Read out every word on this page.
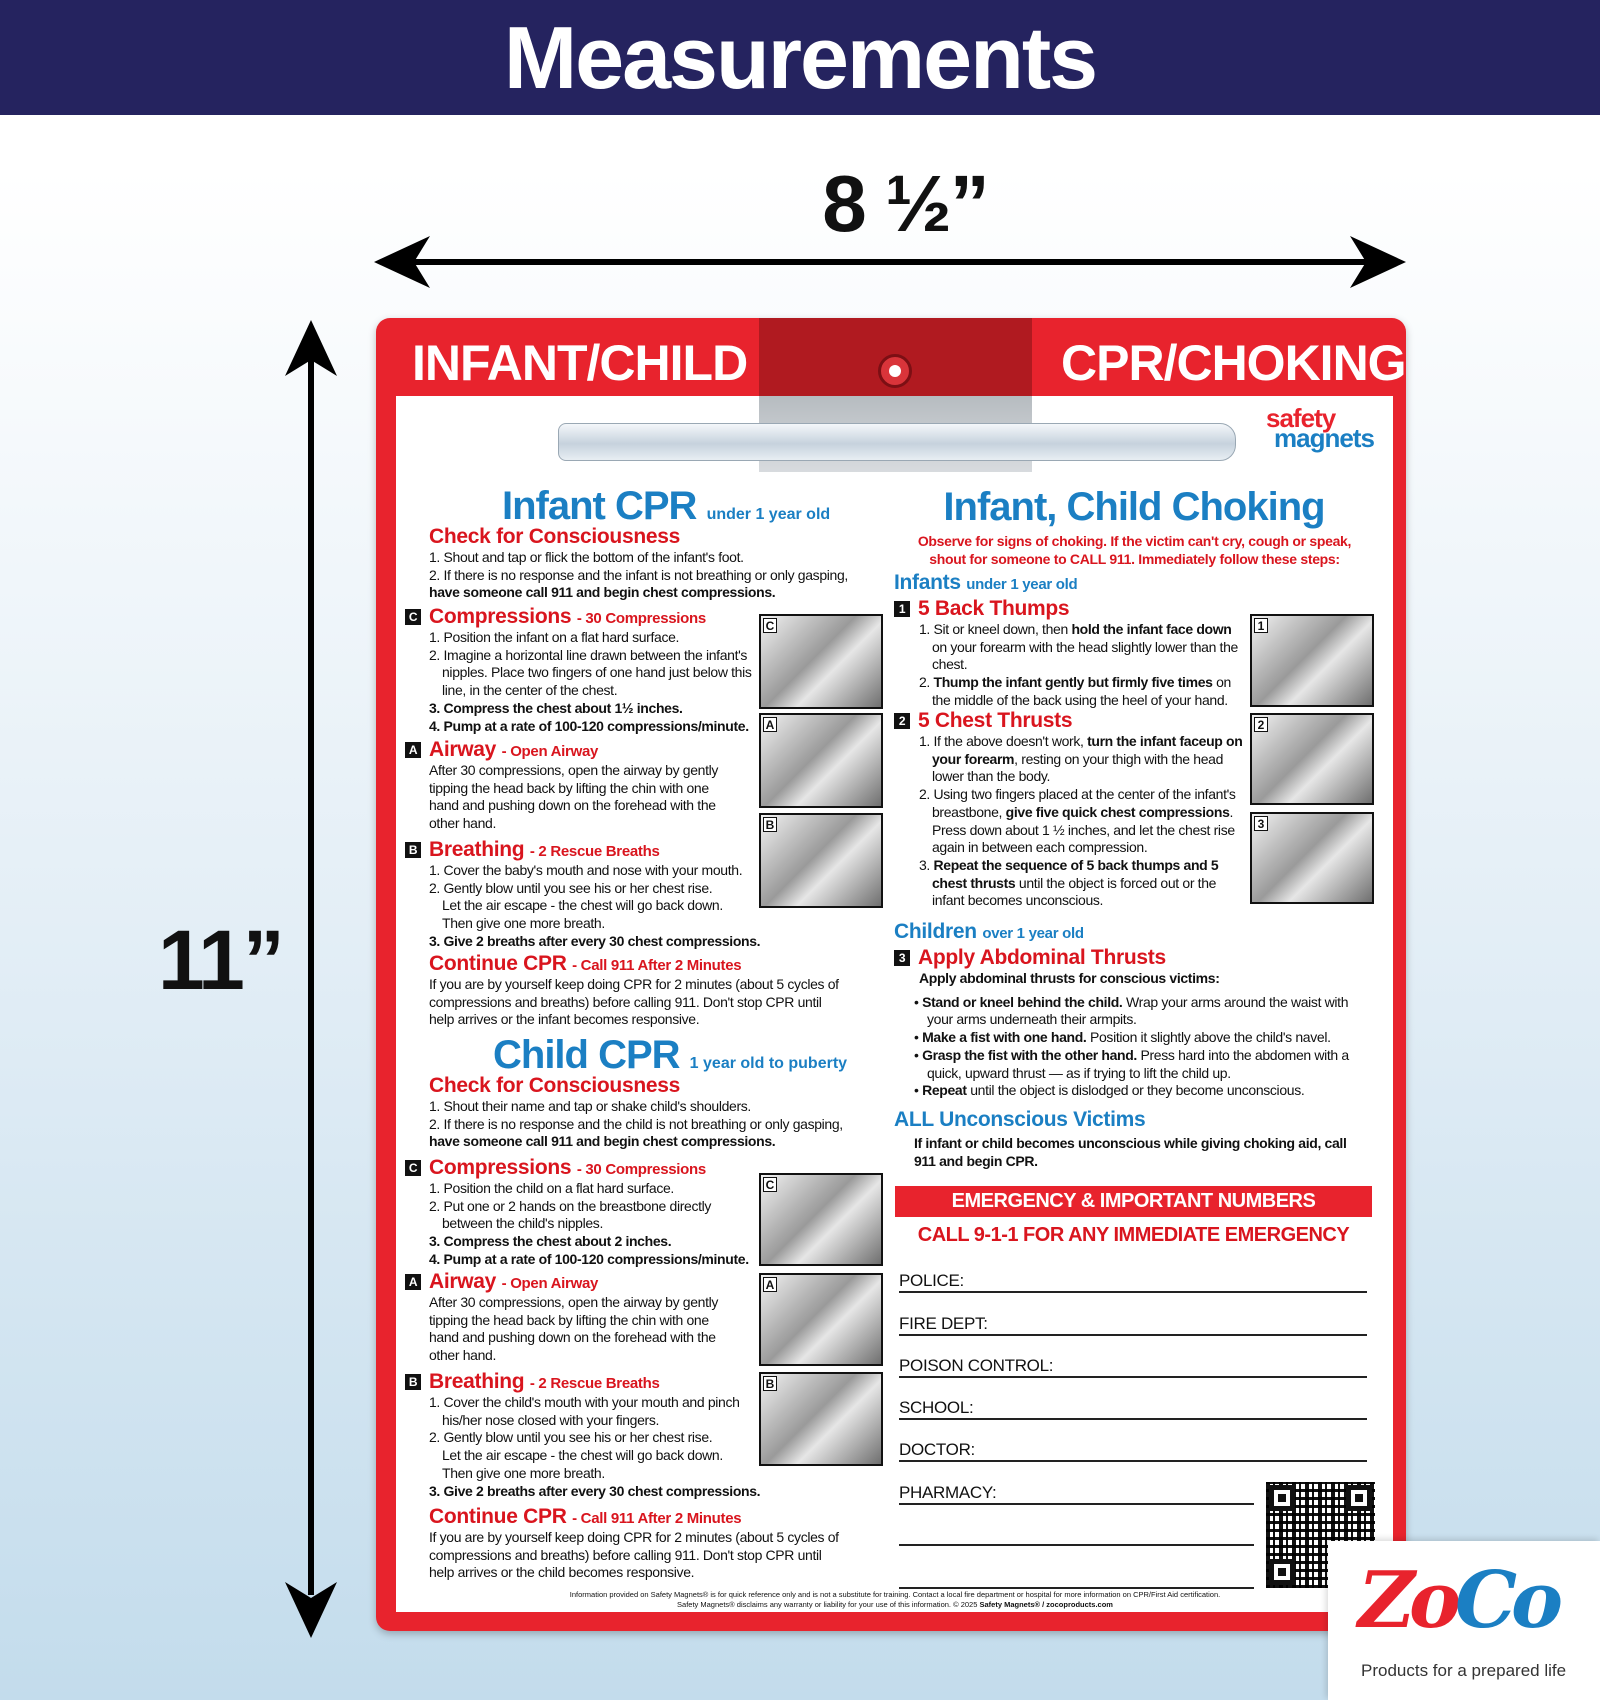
Measurements
8 ½”
11”
INFANT/CHILD	CPR/CHOKING
safety
magnets
Infant CPR under 1 year old
Check for Consciousness
1. Shout and tap or flick the bottom of the infant's foot.
2. If there is no response and the infant is not breathing or only gasping,
have someone call 911 and begin chest compressions.
C Compressions - 30 Compressions
1. Position the infant on a flat hard surface.
2. Imagine a horizontal line drawn between the infant's nipples. Place two fingers of one hand just below this line, in the center of the chest.
3. Compress the chest about 1½ inches.
4. Pump at a rate of 100-120 compressions/minute.
A Airway - Open Airway
After 30 compressions, open the airway by gently tipping the head back by lifting the chin with one hand and pushing down on the forehead with the other hand.
B Breathing - 2 Rescue Breaths
1. Cover the baby's mouth and nose with your mouth.
2. Gently blow until you see his or her chest rise. Let the air escape - the chest will go back down. Then give one more breath.
3. Give 2 breaths after every 30 chest compressions.
Continue CPR - Call 911 After 2 Minutes
If you are by yourself keep doing CPR for 2 minutes (about 5 cycles of compressions and breaths) before calling 911. Don't stop CPR until help arrives or the infant becomes responsive.
C
A
B
Child CPR 1 year old to puberty
Check for Consciousness
1. Shout their name and tap or shake child's shoulders.
2. If there is no response and the child is not breathing or only gasping,
have someone call 911 and begin chest compressions.
C Compressions - 30 Compressions
1. Position the child on a flat hard surface.
2. Put one or 2 hands on the breastbone directly between the child's nipples.
3. Compress the chest about 2 inches.
4. Pump at a rate of 100-120 compressions/minute.
A Airway - Open Airway
After 30 compressions, open the airway by gently tipping the head back by lifting the chin with one hand and pushing down on the forehead with the other hand.
B Breathing - 2 Rescue Breaths
1. Cover the child's mouth with your mouth and pinch his/her nose closed with your fingers.
2. Gently blow until you see his or her chest rise. Let the air escape - the chest will go back down. Then give one more breath.
3. Give 2 breaths after every 30 chest compressions.
Continue CPR - Call 911 After 2 Minutes
If you are by yourself keep doing CPR for 2 minutes (about 5 cycles of compressions and breaths) before calling 911. Don't stop CPR until help arrives or the child becomes responsive.
C
A
B
Infant, Child Choking
Observe for signs of choking. If the victim can't cry, cough or speak, shout for someone to CALL 911. Immediately follow these steps:
Infants under 1 year old
1 5 Back Thumps
1. Sit or kneel down, then hold the infant face down on your forearm with the head slightly lower than the chest.
2. Thump the infant gently but firmly five times on the middle of the back using the heel of your hand.
2 5 Chest Thrusts
1. If the above doesn't work, turn the infant faceup on your forearm, resting on your thigh with the head lower than the body.
2. Using two fingers placed at the center of the infant's breastbone, give five quick chest compressions. Press down about 1 ½ inches, and let the chest rise again in between each compression.
3. Repeat the sequence of 5 back thumps and 5 chest thrusts until the object is forced out or the infant becomes unconscious.
1
2
3
Children over 1 year old
3 Apply Abdominal Thrusts
Apply abdominal thrusts for conscious victims:
• Stand or kneel behind the child. Wrap your arms around the waist with your arms underneath their armpits.
• Make a fist with one hand. Position it slightly above the child's navel.
• Grasp the fist with the other hand. Press hard into the abdomen with a quick, upward thrust — as if trying to lift the child up.
• Repeat until the object is dislodged or they become unconscious.
ALL Unconscious Victims
If infant or child becomes unconscious while giving choking aid, call 911 and begin CPR.
EMERGENCY & IMPORTANT NUMBERS
CALL 9-1-1 FOR ANY IMMEDIATE EMERGENCY
POLICE:
FIRE DEPT:
POISON CONTROL:
SCHOOL:
DOCTOR:
PHARMACY:
Information provided on Safety Magnets® is for quick reference only and is not a substitute for training. Contact a local fire department or hospital for more information on CPR/First Aid certification.
Safety Magnets® disclaims any warranty or liability for your use of this information. © 2025 Safety Magnets® / zocoproducts.com	ZoCo
Products for a prepared life
